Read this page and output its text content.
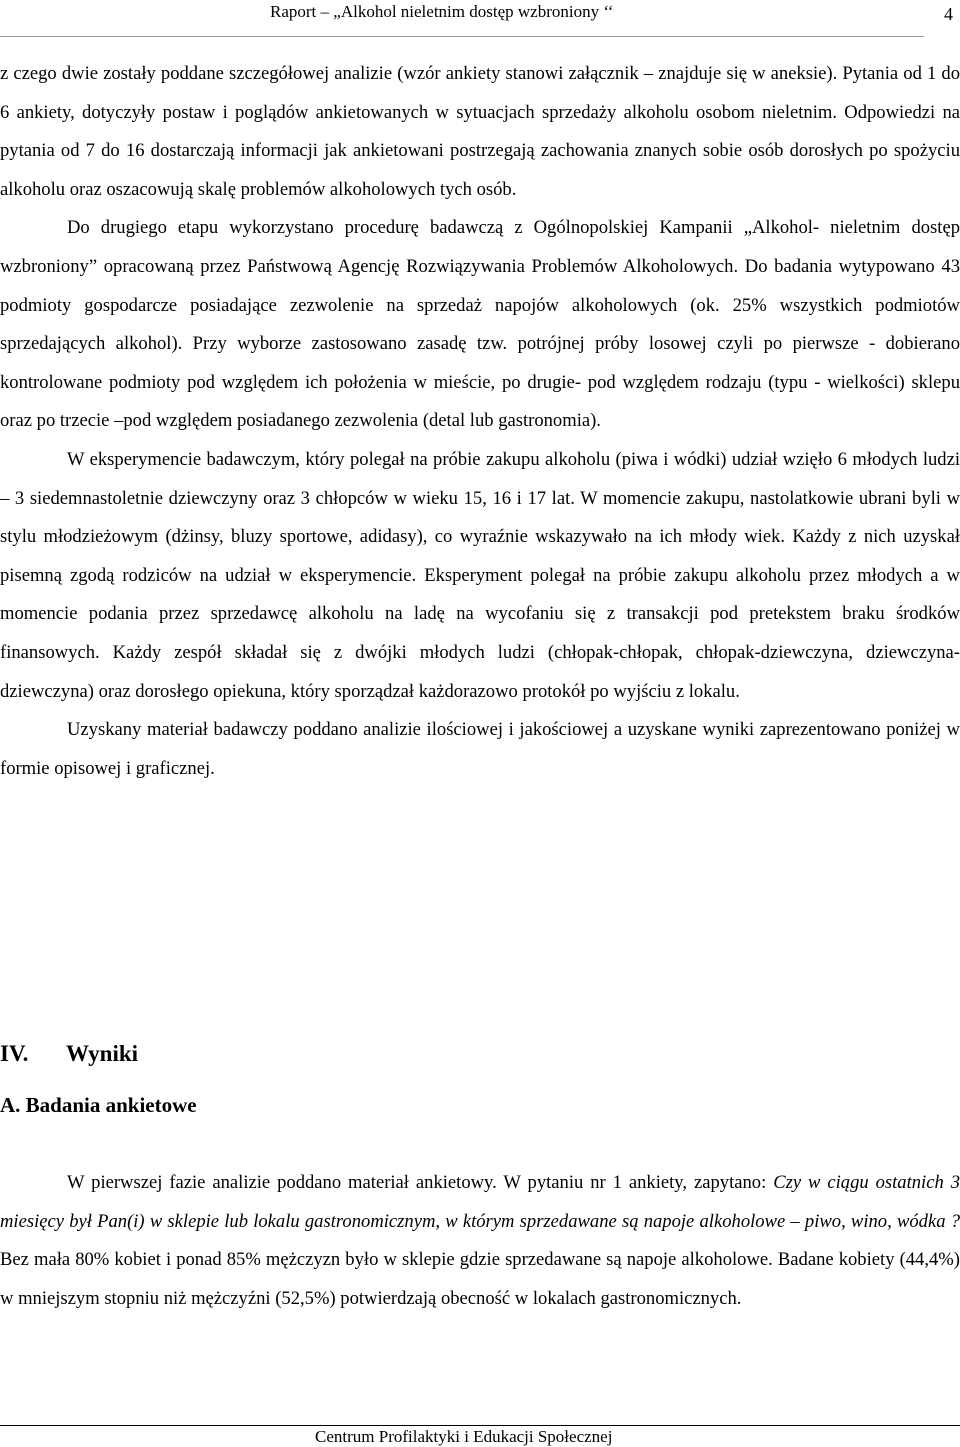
Raport – „Alkohol nieletnim dostęp wzbroniony ‘‘	4

z czego dwie zostały poddane szczegółowej analizie (wzór ankiety stanowi załącznik – znajduje się w aneksie). Pytania od 1 do 6 ankiety, dotyczyły postaw i poglądów ankietowanych w sytuacjach sprzedaży alkoholu osobom nieletnim. Odpowiedzi na pytania od 7 do 16 dostarczają informacji jak ankietowani postrzegają zachowania znanych sobie osób dorosłych po spożyciu alkoholu oraz oszacowują skalę problemów alkoholowych tych osób.

Do drugiego etapu wykorzystano procedurę badawczą z Ogólnopolskiej Kampanii „Alkohol- nieletnim dostęp wzbroniony” opracowaną przez Państwową Agencję Rozwiązywania Problemów Alkoholowych. Do badania wytypowano 43 podmioty gospodarcze posiadające zezwolenie na sprzedaż napojów alkoholowych (ok. 25% wszystkich podmiotów sprzedających alkohol). Przy wyborze zastosowano zasadę tzw. potrójnej próby losowej czyli po pierwsze - dobierano kontrolowane podmioty pod względem ich położenia w mieście, po drugie- pod względem rodzaju (typu - wielkości) sklepu oraz po trzecie –pod względem posiadanego zezwolenia (detal lub gastronomia).

W eksperymencie badawczym, który polegał na próbie zakupu alkoholu (piwa i wódki) udział wzięło 6 młodych ludzi – 3 siedemnastoletnie dziewczyny oraz 3 chłopców w wieku 15, 16 i 17 lat. W momencie zakupu, nastolatkowie ubrani byli w stylu młodzieżowym (dżinsy, bluzy sportowe, adidasy), co wyraźnie wskazywało na ich młody wiek. Każdy z nich uzyskał pisemną zgodą rodziców na udział w eksperymencie. Eksperyment polegał na próbie zakupu alkoholu przez młodych a w momencie podania przez sprzedawcę alkoholu na ladę na wycofaniu się z transakcji pod pretekstem braku środków finansowych. Każdy zespół składał się z dwójki młodych ludzi (chłopak-chłopak, chłopak-dziewczyna, dziewczyna-dziewczyna) oraz dorosłego opiekuna, który sporządzał każdorazowo protokół po wyjściu z lokalu.

Uzyskany materiał badawczy poddano analizie ilościowej i jakościowej a uzyskane wyniki zaprezentowano poniżej w formie opisowej i graficznej.

IV. Wyniki
A. Badania ankietowe

W pierwszej fazie analizie poddano materiał ankietowy. W pytaniu nr 1 ankiety, zapytano: Czy w ciągu ostatnich 3 miesięcy był Pan(i) w sklepie lub lokalu gastronomicznym, w którym sprzedawane są napoje alkoholowe – piwo, wino, wódka ? Bez mała 80% kobiet i ponad 85% mężczyzn było w sklepie gdzie sprzedawane są napoje alkoholowe. Badane kobiety (44,4%) w mniejszym stopniu niż mężczyźni (52,5%) potwierdzają obecność w lokalach gastronomicznych.

Centrum Profilaktyki i Edukacji Społecznej
